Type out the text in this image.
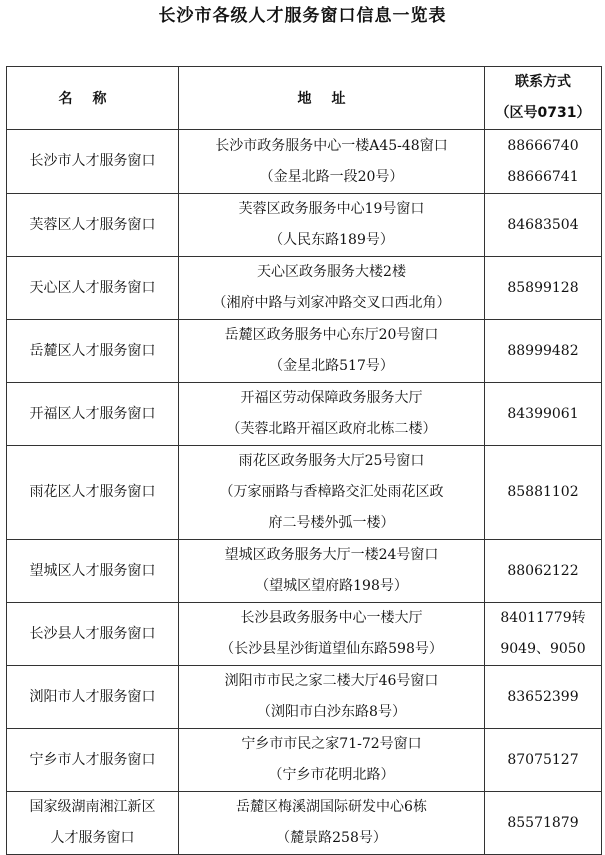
长沙市各级人才服务窗口信息一览表
名称	地址	联系方式
（区号0731）

长沙市人才服务窗口	长沙市政务服务中心一楼A45-48窗口
（金星北路一段20号）	88666740
88666741

芙蓉区人才服务窗口	芙蓉区政务服务中心19号窗口
（人民东路189号）	84683504

天心区人才服务窗口	天心区政务服务大楼2楼
（湘府中路与刘家冲路交叉口西北角）	85899128

岳麓区人才服务窗口	岳麓区政务服务中心东厅20号窗口
（金星北路517号）	88999482

开福区人才服务窗口	开福区劳动保障政务服务大厅
（芙蓉北路开福区政府北栋二楼）	84399061

雨花区人才服务窗口	雨花区政务服务大厅25号窗口
（万家丽路与香樟路交汇处雨花区政
府二号楼外弧一楼）	85881102

望城区人才服务窗口	望城区政务服务大厅一楼24号窗口
（望城区望府路198号）	88062122

长沙县人才服务窗口	长沙县政务服务中心一楼大厅
（长沙县星沙街道望仙东路598号）	84011779转
9049、9050

浏阳市人才服务窗口	浏阳市市民之家二楼大厅46号窗口
（浏阳市白沙东路8号）	83652399

宁乡市人才服务窗口	宁乡市市民之家71-72号窗口
（宁乡市花明北路）	87075127

国家级湖南湘江新区
人才服务窗口	岳麓区梅溪湖国际研发中心6栋
（麓景路258号）	85571879
